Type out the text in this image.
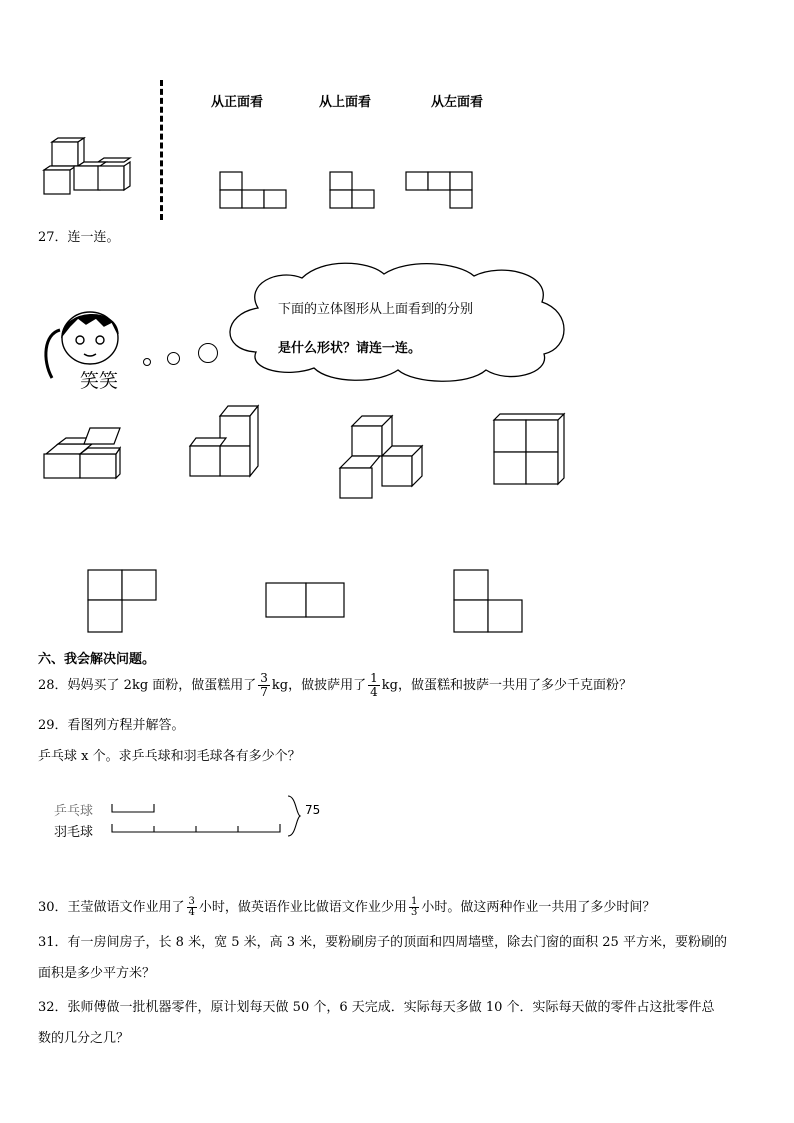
从正面看	从上面看	从左面看
27．连一连。
笑笑
下面的立体图形从上面看到的分别
是什么形状？请连一连。
六、我会解决问题。
28．妈妈买了 2kg 面粉，做蛋糕用了 $\frac{3}{7}$ kg，做披萨用了 $\frac{1}{4}$ kg，做蛋糕和披萨一共用了多少千克面粉？
29．看图列方程并解答。
乒乓球 x 个。求乒乓球和羽毛球各有多少个？
乒乓球
羽毛球
75
30．王莹做语文作业用了 $\frac{3}{4}$ 小时，做英语作业比做语文作业少用 $\frac{1}{3}$ 小时。做这两种作业一共用了多少时间？
31．有一房间房子，长 8 米，宽 5 米，高 3 米，要粉刷房子的顶面和四周墙壁，除去门窗的面积 25 平方米，要粉刷的
面积是多少平方米？
32．张师傅做一批机器零件，原计划每天做 50 个，6 天完成．实际每天多做 10 个．实际每天做的零件占这批零件总
数的几分之几？
